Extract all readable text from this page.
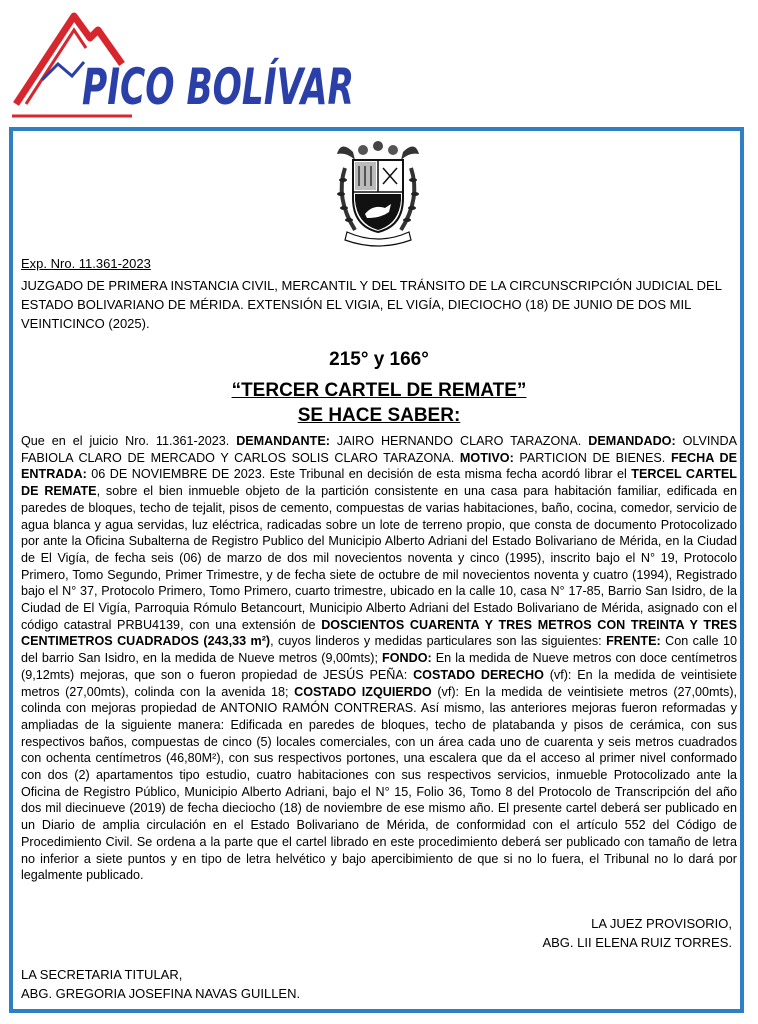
PICO BOLÍVAR
Exp. Nro. 11.361-2023

JUZGADO DE PRIMERA INSTANCIA CIVIL, MERCANTIL Y DEL TRÁNSITO DE LA CIRCUNSCRIPCIÓN JUDICIAL DEL ESTADO BOLIVARIANO DE MÉRIDA. EXTENSIÓN EL VIGIA, EL VIGÍA, DIECIOCHO (18) DE JUNIO DE DOS MIL VEINTICINCO (2025).

215° y 166°
“TERCER CARTEL DE REMATE”
SE HACE SABER:

Que en el juicio Nro. 11.361-2023. DEMANDANTE: JAIRO HERNANDO CLARO TARAZONA. DEMANDADO: OLVINDA FABIOLA CLARO DE MERCADO Y CARLOS SOLIS CLARO TARAZONA. MOTIVO: PARTICION DE BIENES. FECHA DE ENTRADA: 06 DE NOVIEMBRE DE 2023. Este Tribunal en decisión de esta misma fecha acordó librar el TERCEL CARTEL DE REMATE, sobre el bien inmueble objeto de la partición consistente en una casa para habitación familiar, edificada en paredes de bloques, techo de tejalit, pisos de cemento, compuestas de varias habitaciones, baño, cocina, comedor, servicio de agua blanca y agua servidas, luz eléctrica, radicadas sobre un lote de terreno propio, que consta de documento Protocolizado por ante la Oficina Subalterna de Registro Publico del Municipio Alberto Adriani del Estado Bolivariano de Mérida, en la Ciudad de El Vigía, de fecha seis (06) de marzo de dos mil novecientos noventa y cinco (1995), inscrito bajo el N° 19, Protocolo Primero, Tomo Segundo, Primer Trimestre, y de fecha siete de octubre de mil novecientos noventa y cuatro (1994), Registrado bajo el N° 37, Protocolo Primero, Tomo Primero, cuarto trimestre, ubicado en la calle 10, casa N° 17-85, Barrio San Isidro, de la Ciudad de El Vigía, Parroquia Rómulo Betancourt, Municipio Alberto Adriani del Estado Bolivariano de Mérida, asignado con el código catastral PRBU4139, con una extensión de DOSCIENTOS CUARENTA Y TRES METROS CON TREINTA Y TRES CENTIMETROS CUADRADOS (243,33 m²), cuyos linderos y medidas particulares son las siguientes: FRENTE: Con calle 10 del barrio San Isidro, en la medida de Nueve metros (9,00mts); FONDO: En la medida de Nueve metros con doce centímetros (9,12mts) mejoras, que son o fueron propiedad de JESÚS PEÑA: COSTADO DERECHO (vf): En la medida de veintisiete metros (27,00mts), colinda con la avenida 18; COSTADO IZQUIERDO (vf): En la medida de veintisiete metros (27,00mts), colinda con mejoras propiedad de ANTONIO RAMÓN CONTRERAS. Así mismo, las anteriores mejoras fueron reformadas y ampliadas de la siguiente manera: Edificada en paredes de bloques, techo de platabanda y pisos de cerámica, con sus respectivos baños, compuestas de cinco (5) locales comerciales, con un área cada uno de cuarenta y seis metros cuadrados con ochenta centímetros (46,80M²), con sus respectivos portones, una escalera que da el acceso al primer nivel conformado con dos (2) apartamentos tipo estudio, cuatro habitaciones con sus respectivos servicios, inmueble Protocolizado ante la Oficina de Registro Público, Municipio Alberto Adriani, bajo el N° 15, Folio 36, Tomo 8 del Protocolo de Transcripción del año dos mil diecinueve (2019) de fecha dieciocho (18) de noviembre de ese mismo año. El presente cartel deberá ser publicado en un Diario de amplia circulación en el Estado Bolivariano de Mérida, de conformidad con el artículo 552 del Código de Procedimiento Civil. Se ordena a la parte que el cartel librado en este procedimiento deberá ser publicado con tamaño de letra no inferior a siete puntos y en tipo de letra helvético y bajo apercibimiento de que si no lo fuera, el Tribunal no lo dará por legalmente publicado.

LA JUEZ PROVISORIO,
ABG. LII ELENA RUIZ TORRES.
LA SECRETARIA TITULAR,
ABG. GREGORIA JOSEFINA NAVAS GUILLEN.
